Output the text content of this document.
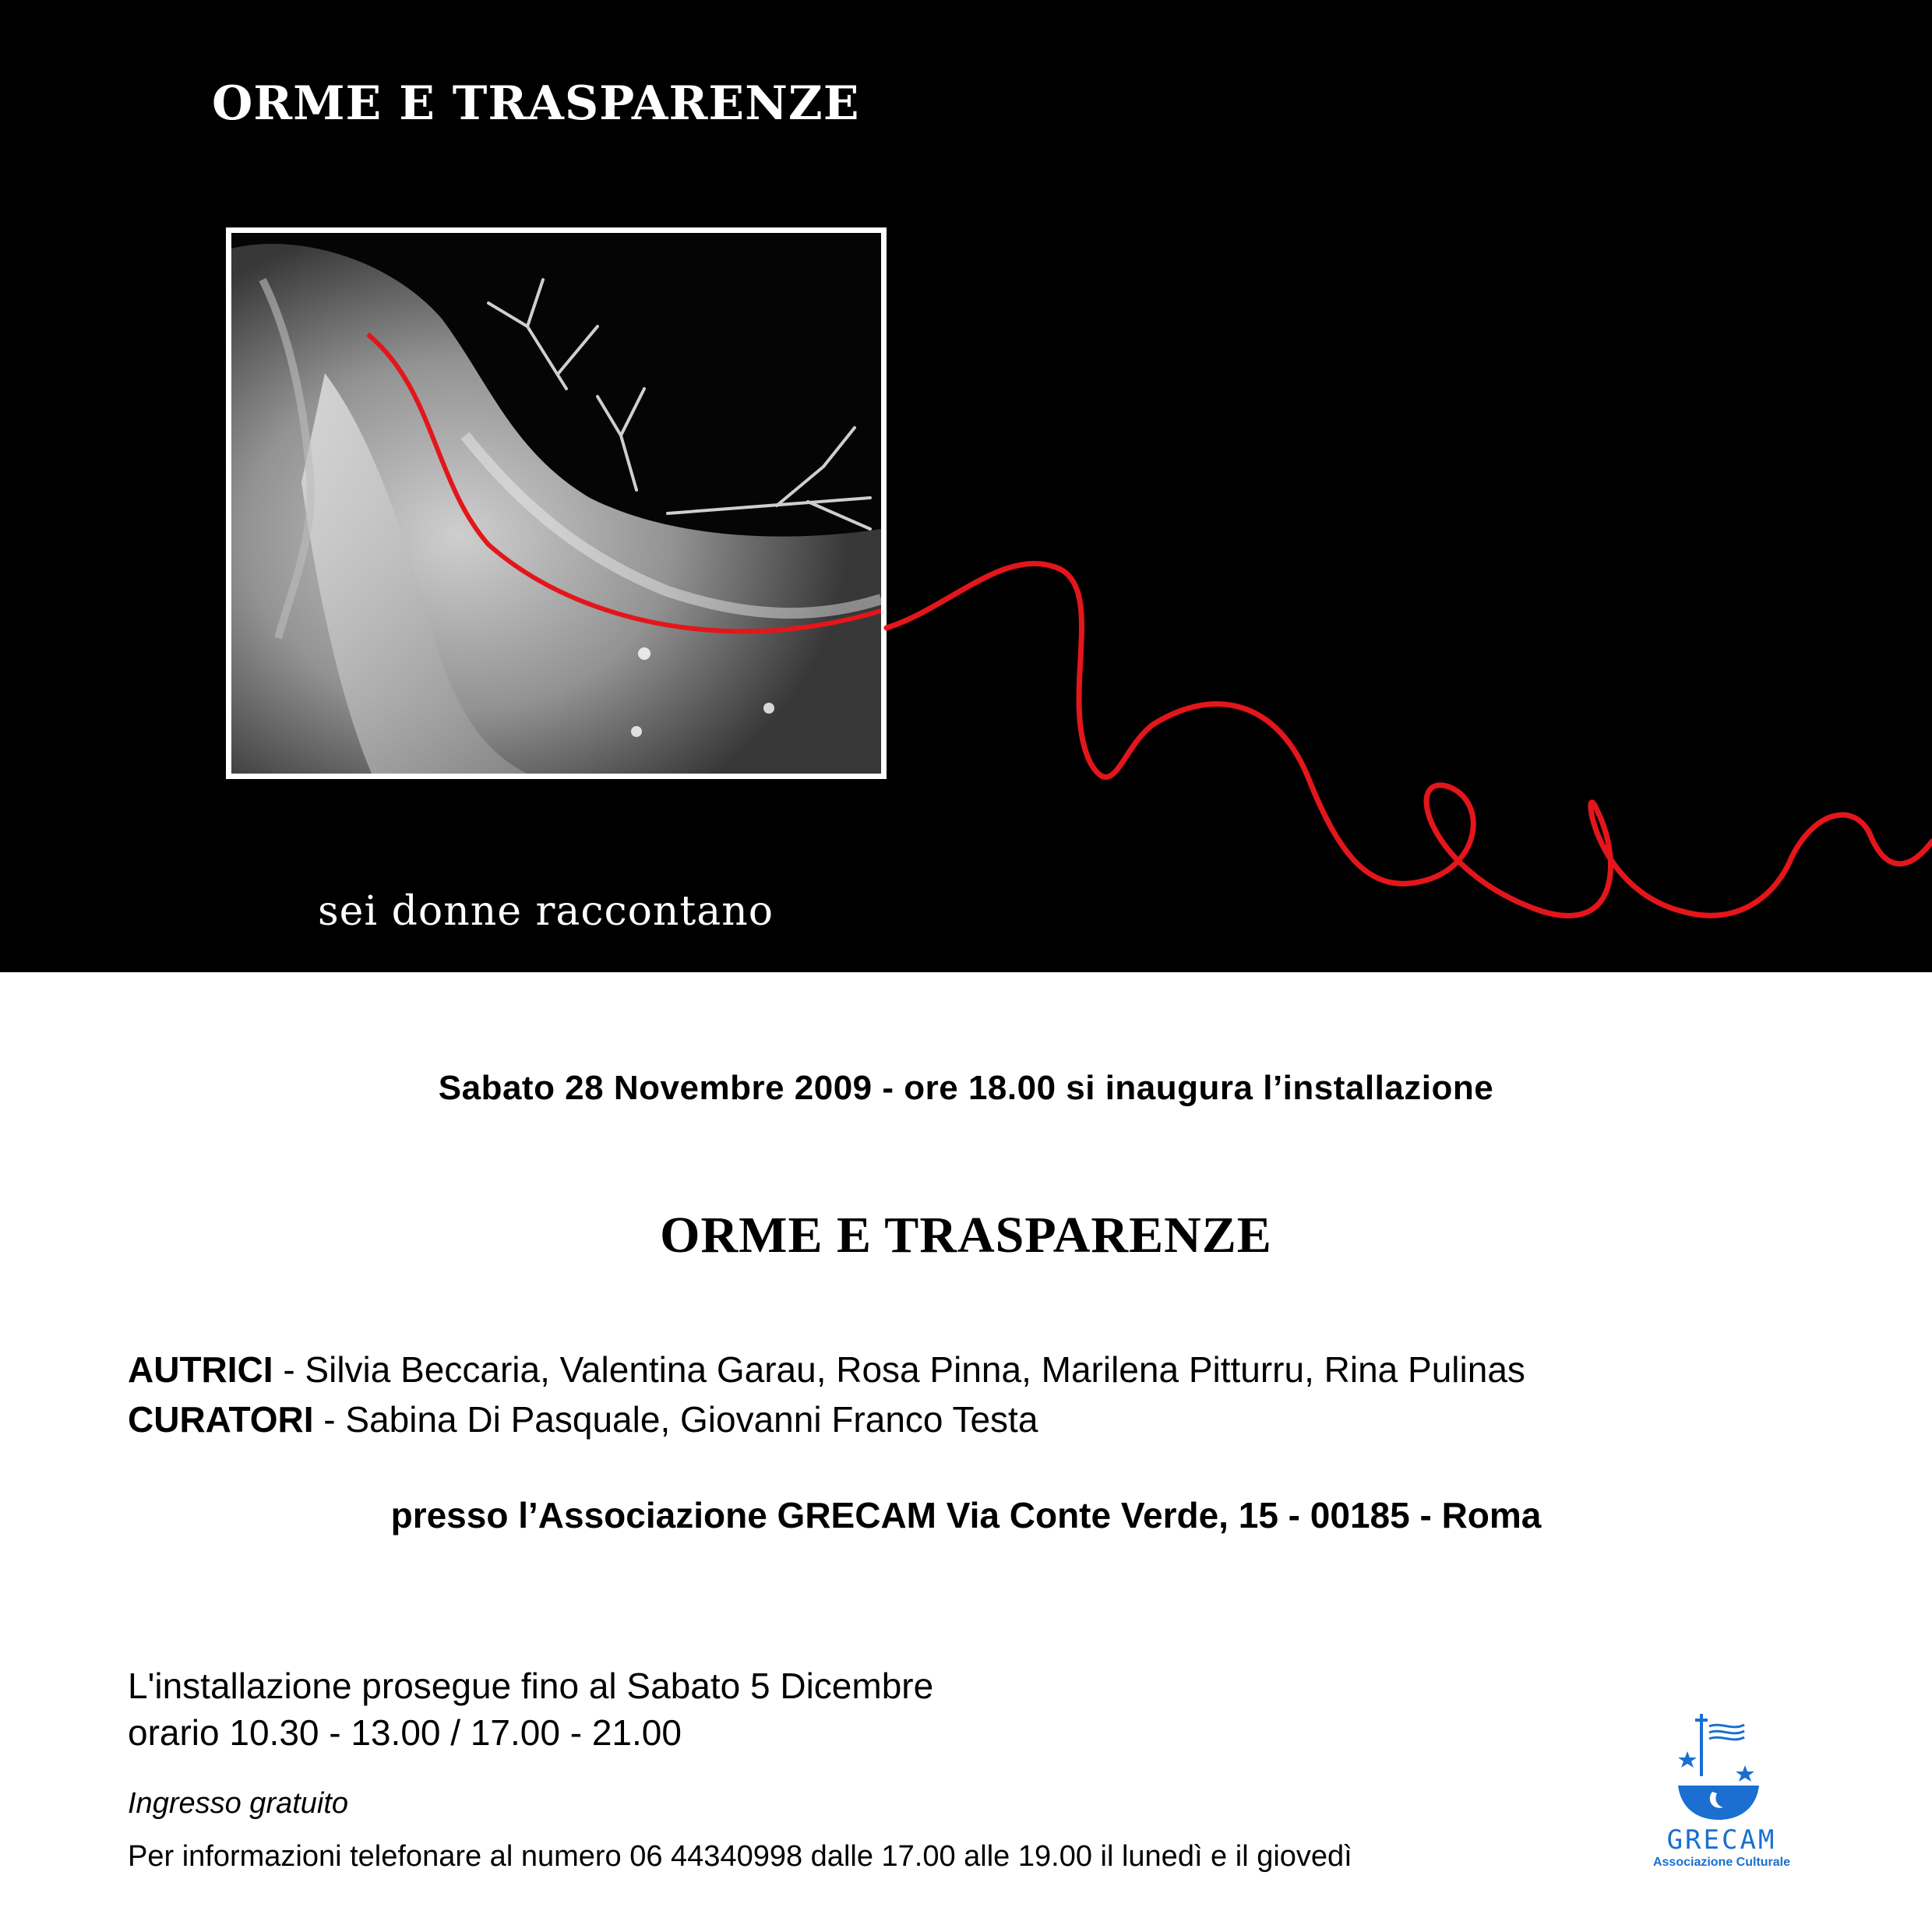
ORME E TRASPARENZE

sei donne raccontano

Sabato 28 Novembre 2009 - ore 18.00 si inaugura l’installazione

ORME E TRASPARENZE
AUTRICI - Silvia Beccaria, Valentina Garau, Rosa Pinna, Marilena Pitturru, Rina Pulinas
CURATORI - Sabina Di Pasquale, Giovanni Franco Testa

presso l’Associazione GRECAM Via Conte Verde, 15 - 00185 - Roma

L'installazione prosegue fino al Sabato 5 Dicembre
orario 10.30 - 13.00 / 17.00 - 21.00
Ingresso gratuito
Per informazioni telefonare al numero 06 44340998 dalle 17.00 alle 19.00 il lunedì e il giovedì	GRECAM
Associazione Culturale
